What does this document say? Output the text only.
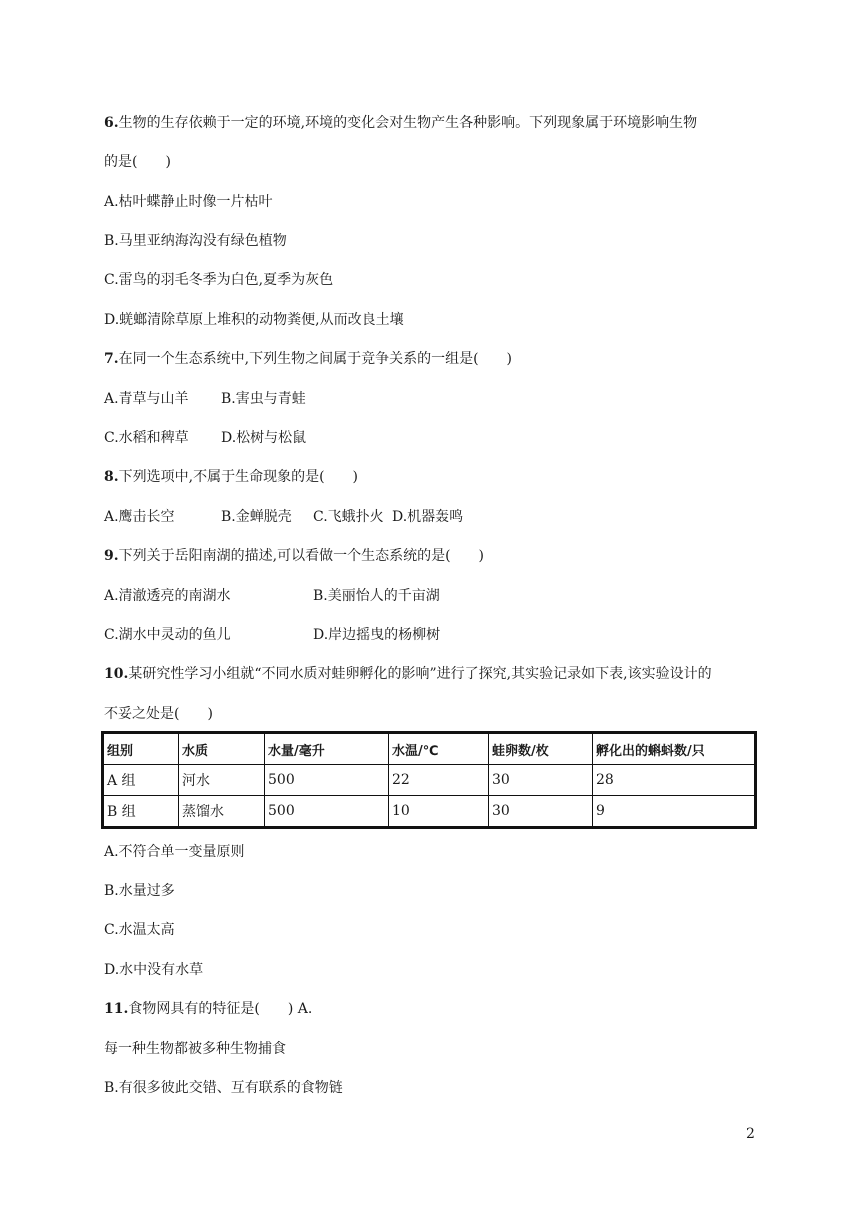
6.生物的生存依赖于一定的环境,环境的变化会对生物产生各种影响。下列现象属于环境影响生物
的是(　　)
A.枯叶蝶静止时像一片枯叶
B.马里亚纳海沟没有绿色植物
C.雷鸟的羽毛冬季为白色,夏季为灰色
D.蜣螂清除草原上堆积的动物粪便,从而改良土壤
7.在同一个生态系统中,下列生物之间属于竞争关系的一组是(　　)
A.青草与山羊 B.害虫与青蛙
C.水稻和稗草 D.松树与松鼠
8.下列选项中,不属于生命现象的是(　　)
A.鹰击长空	B.金蝉脱壳 C.飞蛾扑火 D.机器轰鸣
9.下列关于岳阳南湖的描述,可以看做一个生态系统的是(　　)
A.清澈透亮的南湖水	B.美丽怡人的千亩湖
C.湖水中灵动的鱼儿	D.岸边摇曳的杨柳树
10.某研究性学习小组就“不同水质对蛙卵孵化的影响”进行了探究,其实验记录如下表,该实验设计的
不妥之处是(　　)
组别	水质	水量/毫升	水温/℃	蛙卵数/枚	孵化出的蝌蚪数/只
A 组	河水	500	22	30	28
B 组	蒸馏水	500	10	30	9
A.不符合单一变量原则
B.水量过多
C.水温太高
D.水中没有水草
11.食物网具有的特征是(　　) A.
每一种生物都被多种生物捕食
B.有很多彼此交错、互有联系的食物链
2
